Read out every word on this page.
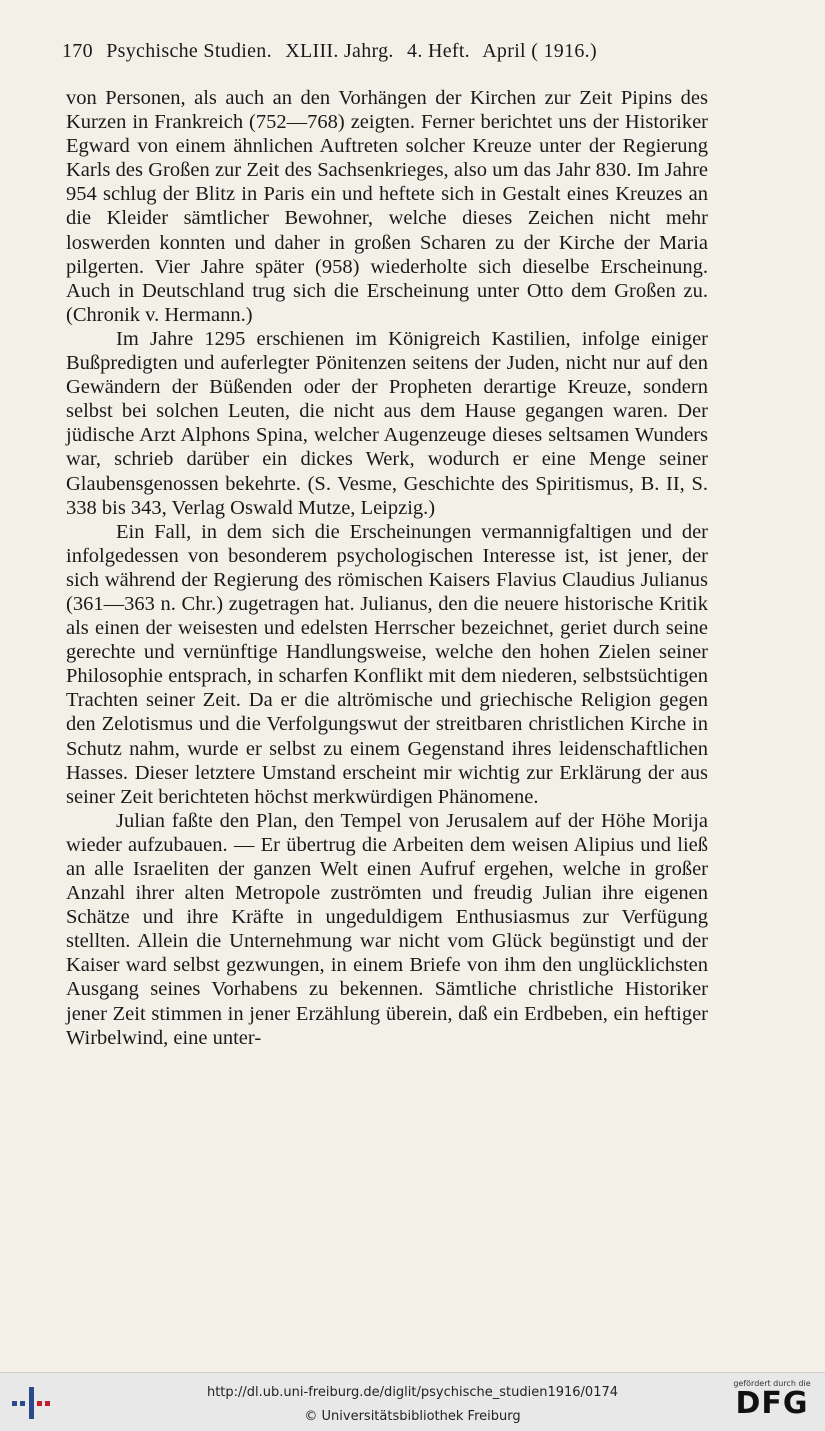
170 Psychische Studien. XLIII. Jahrg. 4. Heft. April ( 1916.)

von Personen, als auch an den Vorhängen der Kirchen zur Zeit Pipins des Kurzen in Frankreich (752—768) zeigten. Ferner berichtet uns der Historiker Egward von einem ähnlichen Auftreten solcher Kreuze unter der Regierung Karls des Großen zur Zeit des Sachsenkrieges, also um das Jahr 830. Im Jahre 954 schlug der Blitz in Paris ein und heftete sich in Gestalt eines Kreuzes an die Kleider sämtlicher Bewohner, welche dieses Zeichen nicht mehr loswerden konnten und daher in großen Scharen zu der Kirche der Maria pilgerten. Vier Jahre später (958) wiederholte sich dieselbe Erscheinung. Auch in Deutschland trug sich die Erscheinung unter Otto dem Großen zu. (Chronik v. Hermann.)

Im Jahre 1295 erschienen im Königreich Kastilien, infolge einiger Bußpredigten und auferlegter Pönitenzen seitens der Juden, nicht nur auf den Gewändern der Büßenden oder der Propheten derartige Kreuze, sondern selbst bei solchen Leuten, die nicht aus dem Hause gegangen waren. Der jüdische Arzt Alphons Spina, welcher Augenzeuge dieses seltsamen Wunders war, schrieb darüber ein dickes Werk, wodurch er eine Menge seiner Glaubensgenossen bekehrte. (S. Vesme, Geschichte des Spiritismus, B. II, S. 338 bis 343, Verlag Oswald Mutze, Leipzig.)

Ein Fall, in dem sich die Erscheinungen vermannigfaltigen und der infolgedessen von besonderem psychologischen Interesse ist, ist jener, der sich während der Regierung des römischen Kaisers Flavius Claudius Julianus (361—363 n. Chr.) zugetragen hat. Julianus, den die neuere historische Kritik als einen der weisesten und edelsten Herrscher bezeichnet, geriet durch seine gerechte und vernünftige Handlungsweise, welche den hohen Zielen seiner Philosophie entsprach, in scharfen Konflikt mit dem niederen, selbstsüchtigen Trachten seiner Zeit. Da er die altrömische und griechische Religion gegen den Zelotismus und die Verfolgungswut der streitbaren christlichen Kirche in Schutz nahm, wurde er selbst zu einem Gegenstand ihres leidenschaftlichen Hasses. Dieser letztere Umstand erscheint mir wichtig zur Erklärung der aus seiner Zeit berichteten höchst merkwürdigen Phänomene.

Julian faßte den Plan, den Tempel von Jerusalem auf der Höhe Morija wieder aufzubauen. — Er übertrug die Arbeiten dem weisen Alipius und ließ an alle Israeliten der ganzen Welt einen Aufruf ergehen, welche in großer Anzahl ihrer alten Metropole zuströmten und freudig Julian ihre eigenen Schätze und ihre Kräfte in ungeduldigem Enthusiasmus zur Verfügung stellten. Allein die Unternehmung war nicht vom Glück begünstigt und der Kaiser ward selbst gezwungen, in einem Briefe von ihm den unglücklichsten Ausgang seines Vorhabens zu bekennen. Sämtliche christliche Historiker jener Zeit stimmen in jener Erzählung überein, daß ein Erdbeben, ein heftiger Wirbelwind, eine unter-

http://dl.ub.uni-freiburg.de/diglit/psychische_studien1916/0174
© Universitätsbibliothek Freiburg
gefördert durch die
DFG
